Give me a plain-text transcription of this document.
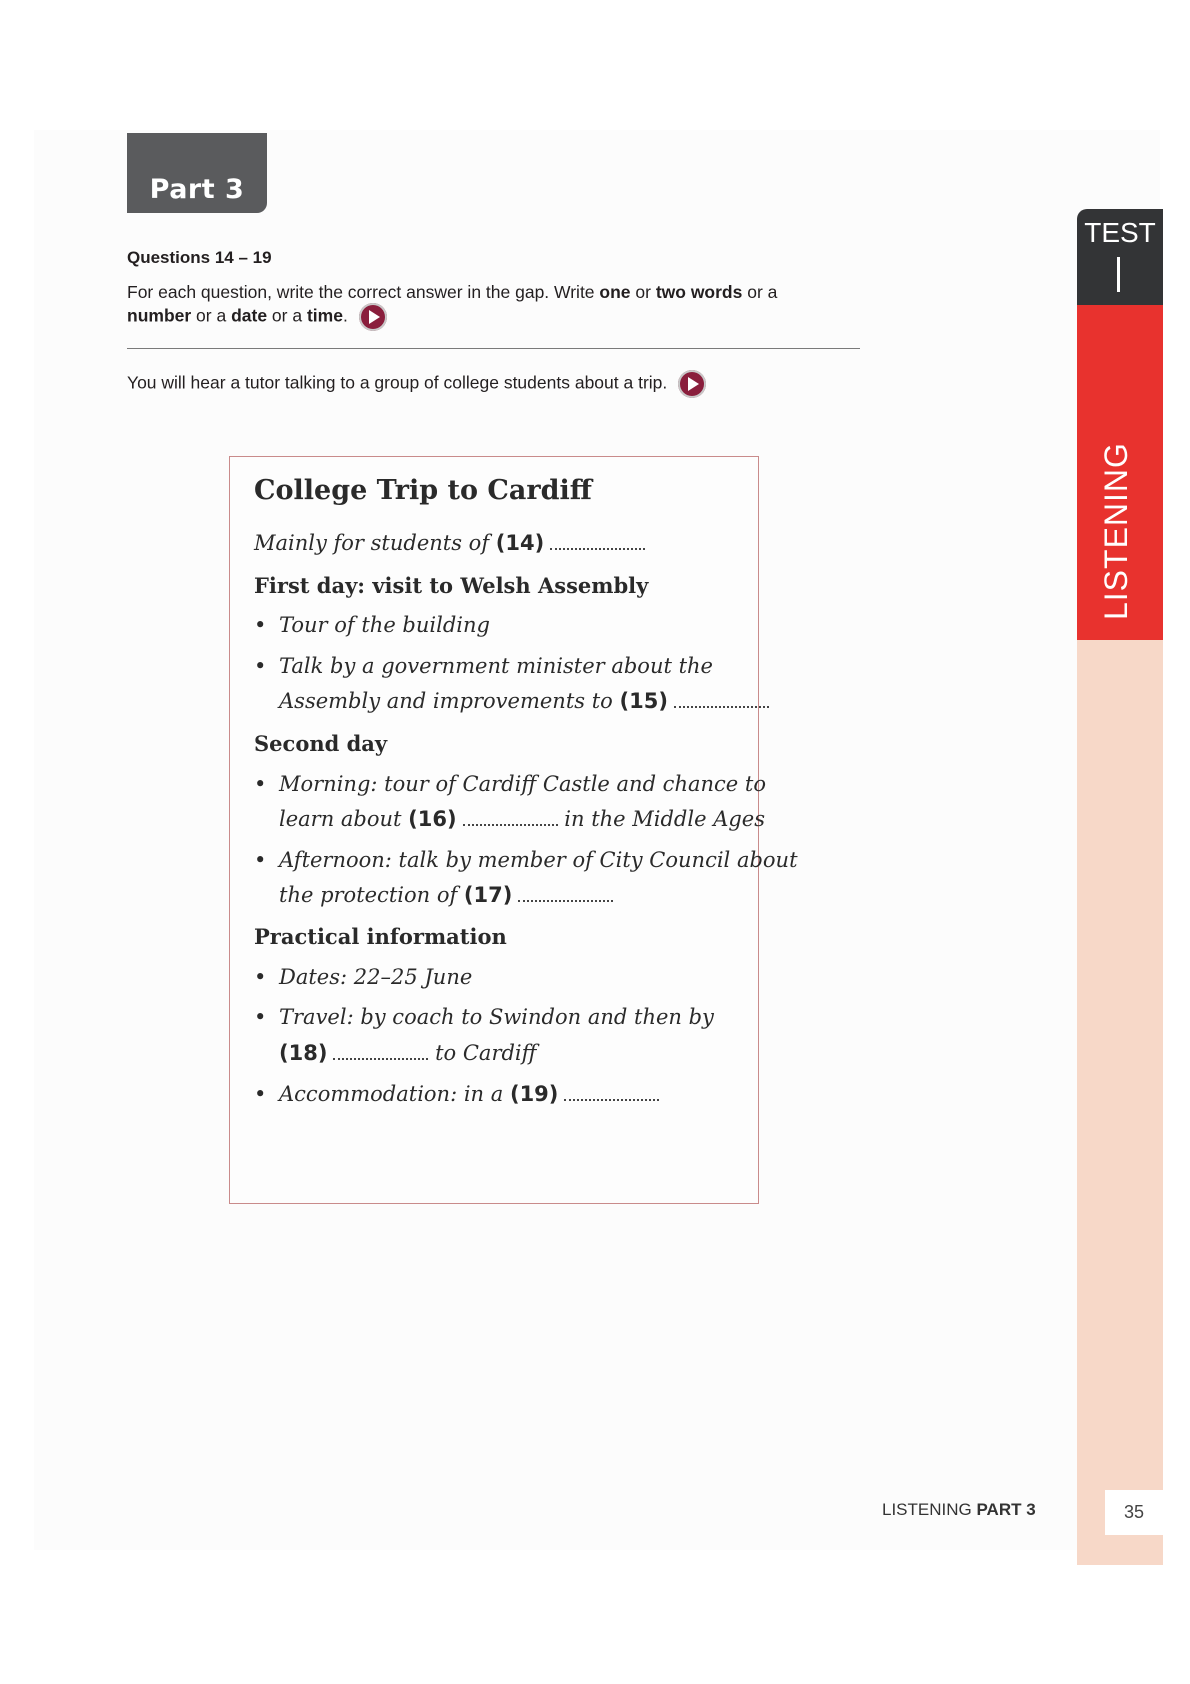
Part 3
Questions 14 – 19
For each question, write the correct answer in the gap. Write one or two words or a
number or a date or a time.
You will hear a tutor talking to a group of college students about a trip.
College Trip to Cardiff
Mainly for students of (14)
First day: visit to Welsh Assembly
• Tour of the building
• Talk by a government minister about the
Assembly and improvements to (15)
Second day
• Morning: tour of Cardiff Castle and chance to
learn about (16)	in the Middle Ages
• Afternoon: talk by member of City Council about
the protection of (17)
Practical information
• Dates: 22–25 June
• Travel: by coach to Swindon and then by
(18)	to Cardiff
• Accommodation: in a (19)
TEST
LISTENING
LISTENING PART 3	35
